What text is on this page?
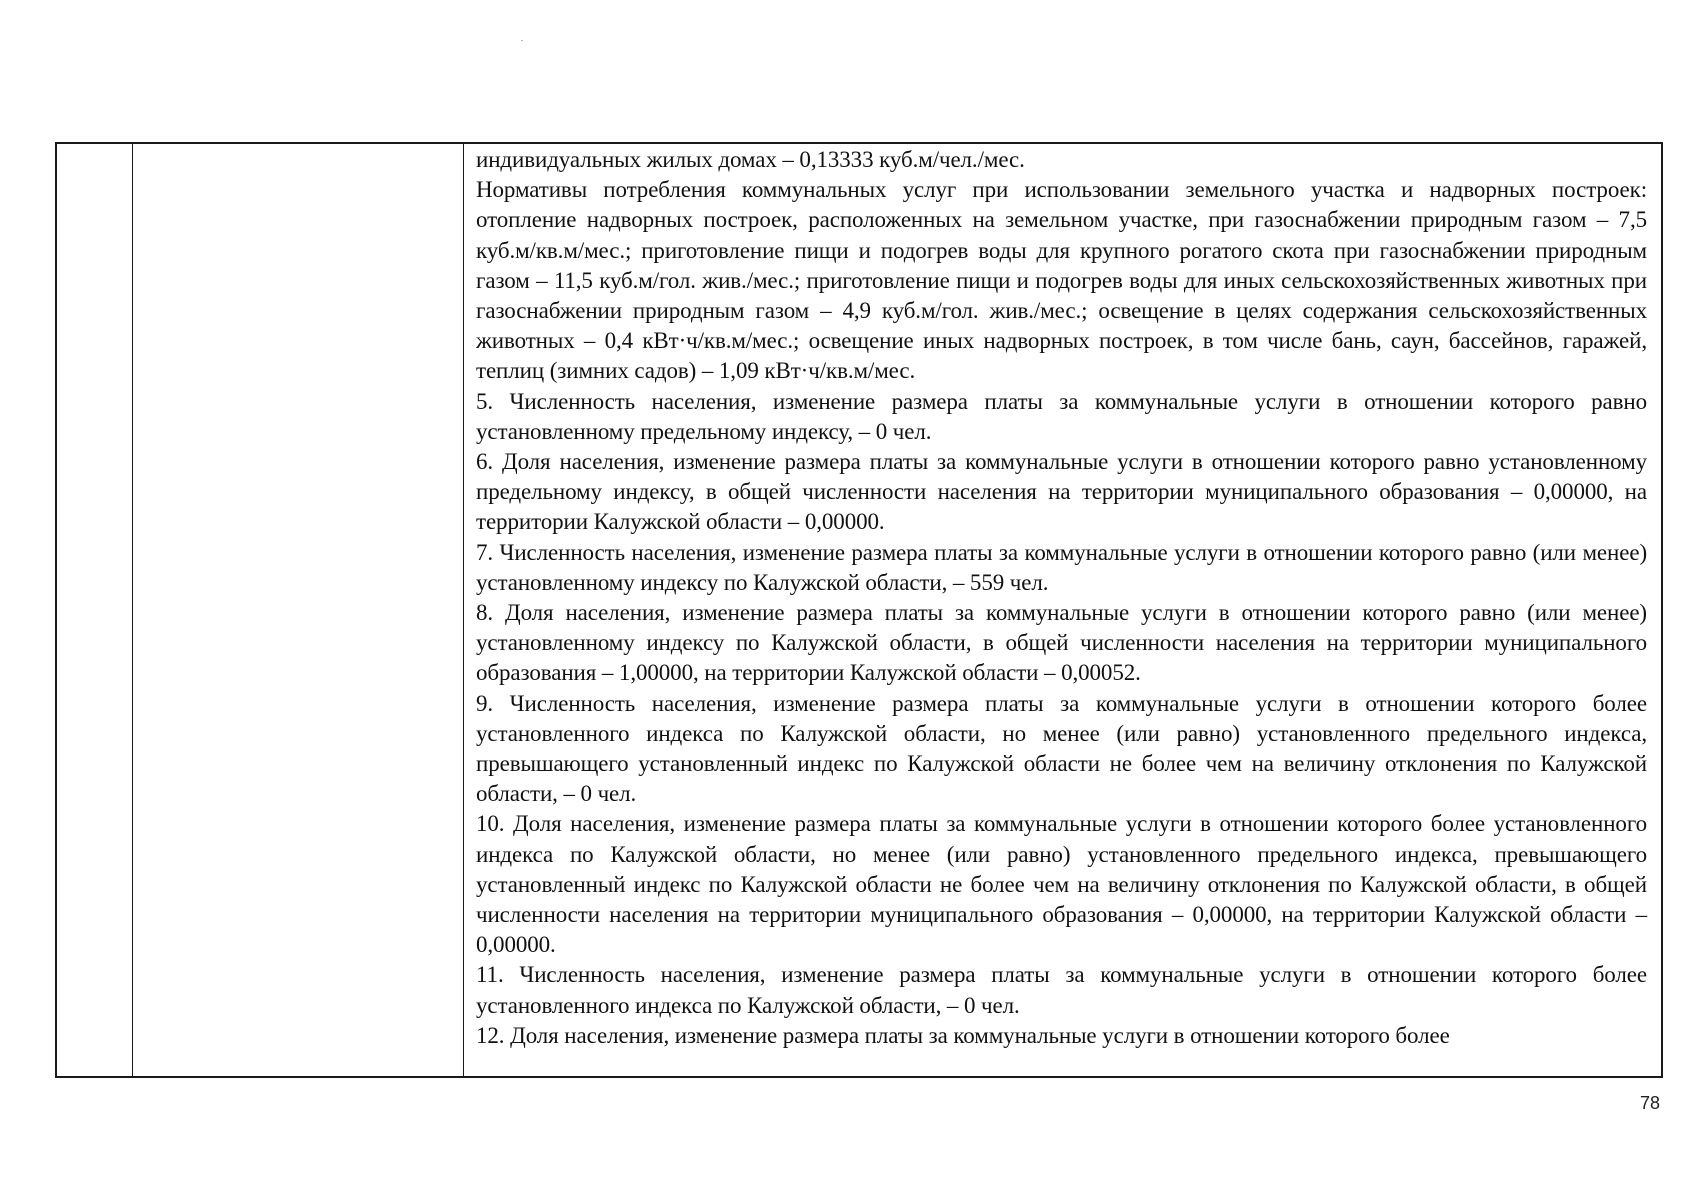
индивидуальных жилых домах – 0,13333 куб.м/чел./мес.

Нормативы потребления коммунальных услуг при использовании земельного участка и надворных построек: отопление надворных построек, расположенных на земельном участке, при газоснабжении природным газом – 7,5 куб.м/кв.м/мес.; приготовление пищи и подогрев воды для крупного рогатого скота при газоснабжении природным газом – 11,5 куб.м/гол. жив./мес.; приготовление пищи и подогрев воды для иных сельскохозяйственных животных при газоснабжении природным газом – 4,9 куб.м/гол. жив./мес.; освещение в целях содержания сельскохозяйственных животных – 0,4 кВт·ч/кв.м/мес.; освещение иных надворных построек, в том числе бань, саун, бассейнов, гаражей, теплиц (зимних садов) – 1,09 кВт·ч/кв.м/мес.

5. Численность населения, изменение размера платы за коммунальные услуги в отношении которого равно установленному предельному индексу, – 0 чел.

6. Доля населения, изменение размера платы за коммунальные услуги в отношении которого равно установленному предельному индексу, в общей численности населения на территории муниципального образования – 0,00000, на территории Калужской области – 0,00000.

7. Численность населения, изменение размера платы за коммунальные услуги в отношении которого равно (или менее) установленному индексу по Калужской области, – 559 чел.

8. Доля населения, изменение размера платы за коммунальные услуги в отношении которого равно (или менее) установленному индексу по Калужской области, в общей численности населения на территории муниципального образования – 1,00000, на территории Калужской области – 0,00052.

9. Численность населения, изменение размера платы за коммунальные услуги в отношении которого более установленного индекса по Калужской области, но менее (или равно) установленного предельного индекса, превышающего установленный индекс по Калужской области не более чем на величину отклонения по Калужской области, – 0 чел.

10. Доля населения, изменение размера платы за коммунальные услуги в отношении которого более установленного индекса по Калужской области, но менее (или равно) установленного предельного индекса, превышающего установленный индекс по Калужской области не более чем на величину отклонения по Калужской области, в общей численности населения на территории муниципального образования – 0,00000, на территории Калужской области – 0,00000.

11. Численность населения, изменение размера платы за коммунальные услуги в отношении которого более установленного индекса по Калужской области, – 0 чел.

12. Доля населения, изменение размера платы за коммунальные услуги в отношении которого более

78
